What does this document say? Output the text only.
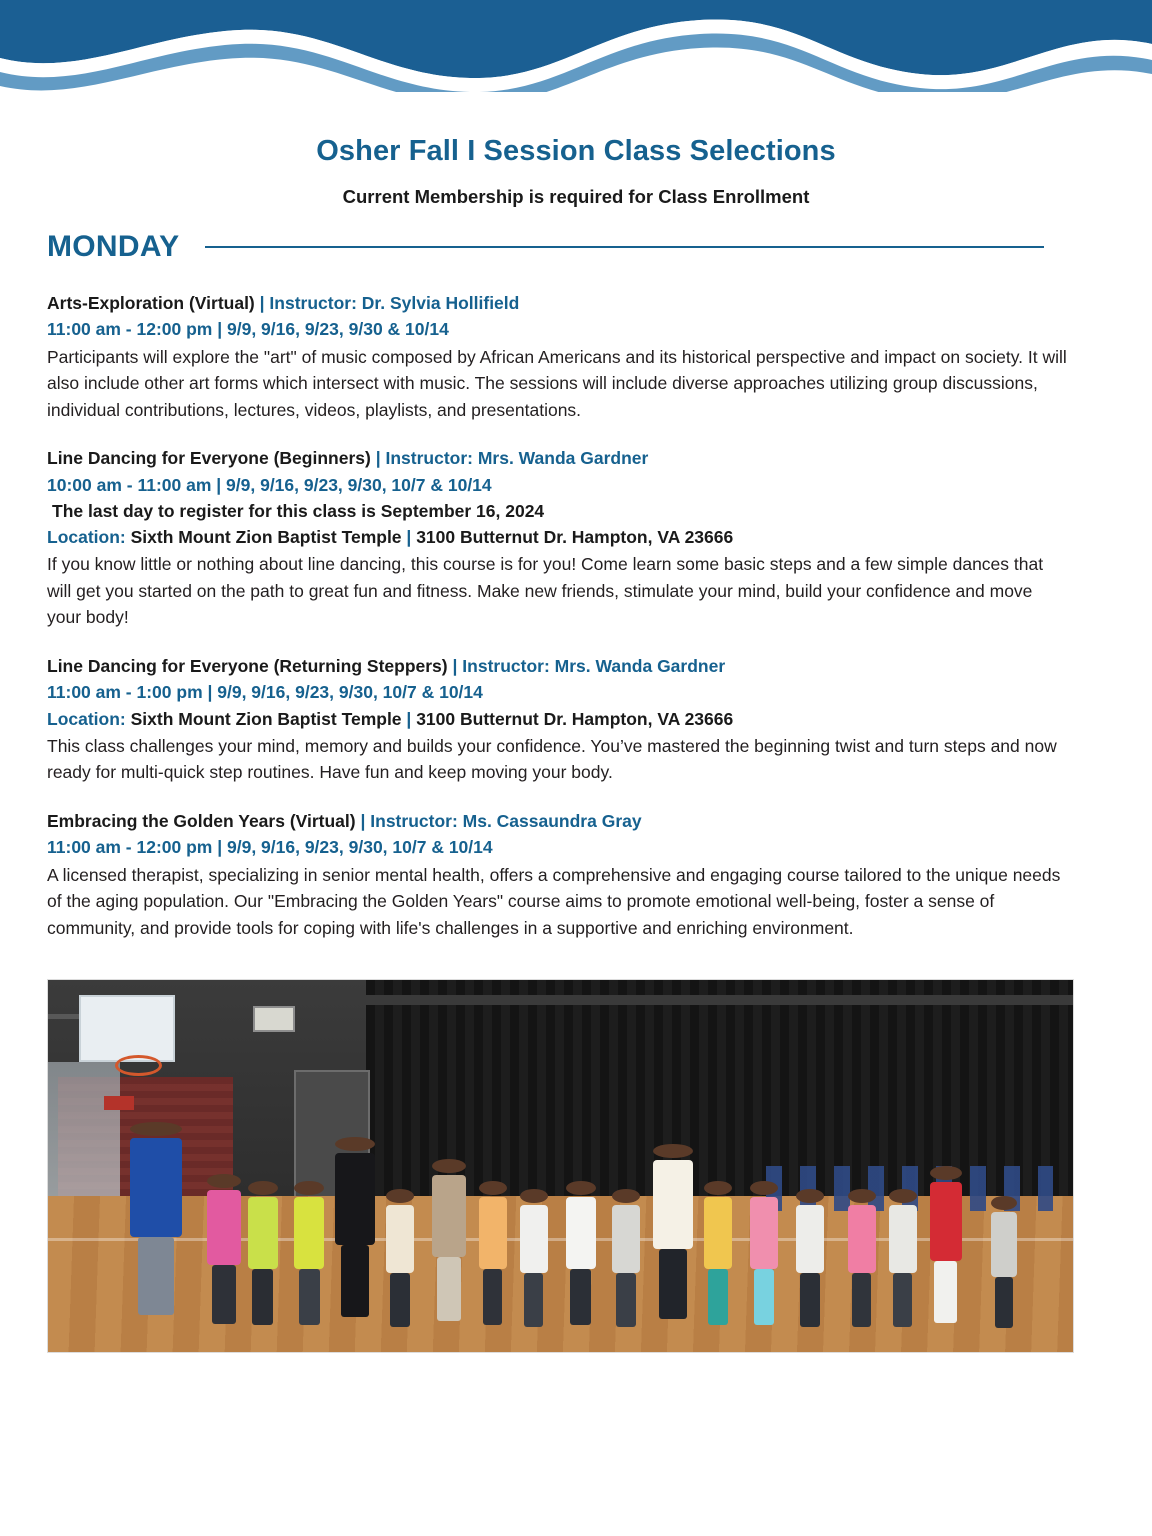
Osher Fall I Session Class Selections
Current Membership is required for Class Enrollment
MONDAY
Arts-Exploration (Virtual) | Instructor: Dr. Sylvia Hollifield
11:00 am - 12:00 pm | 9/9, 9/16, 9/23, 9/30 & 10/14
Participants will explore the "art" of music composed by African Americans and its historical perspective and impact on society. It will also include other art forms which intersect with music. The sessions will include diverse approaches utilizing group discussions, individual contributions, lectures, videos, playlists, and presentations.
Line Dancing for Everyone (Beginners) | Instructor: Mrs. Wanda Gardner
10:00 am - 11:00 am | 9/9, 9/16, 9/23, 9/30, 10/7 & 10/14
The last day to register for this class is September 16, 2024
Location: Sixth Mount Zion Baptist Temple | 3100 Butternut Dr. Hampton, VA 23666
If you know little or nothing about line dancing, this course is for you! Come learn some basic steps and a few simple dances that will get you started on the path to great fun and fitness. Make new friends, stimulate your mind, build your confidence and move your body!
Line Dancing for Everyone (Returning Steppers) | Instructor: Mrs. Wanda Gardner
11:00 am - 1:00 pm | 9/9, 9/16, 9/23, 9/30, 10/7 & 10/14
Location: Sixth Mount Zion Baptist Temple | 3100 Butternut Dr. Hampton, VA 23666
This class challenges your mind, memory and builds your confidence. You’ve mastered the beginning twist and turn steps and now ready for multi-quick step routines. Have fun and keep moving your body.
Embracing the Golden Years (Virtual) | Instructor: Ms. Cassaundra Gray
11:00 am - 12:00 pm | 9/9, 9/16, 9/23, 9/30, 10/7 & 10/14
A licensed therapist, specializing in senior mental health, offers a comprehensive and engaging course tailored to the unique needs of the aging population. Our "Embracing the Golden Years" course aims to promote emotional well-being, foster a sense of community, and provide tools for coping with life's challenges in a supportive and enriching environment.
